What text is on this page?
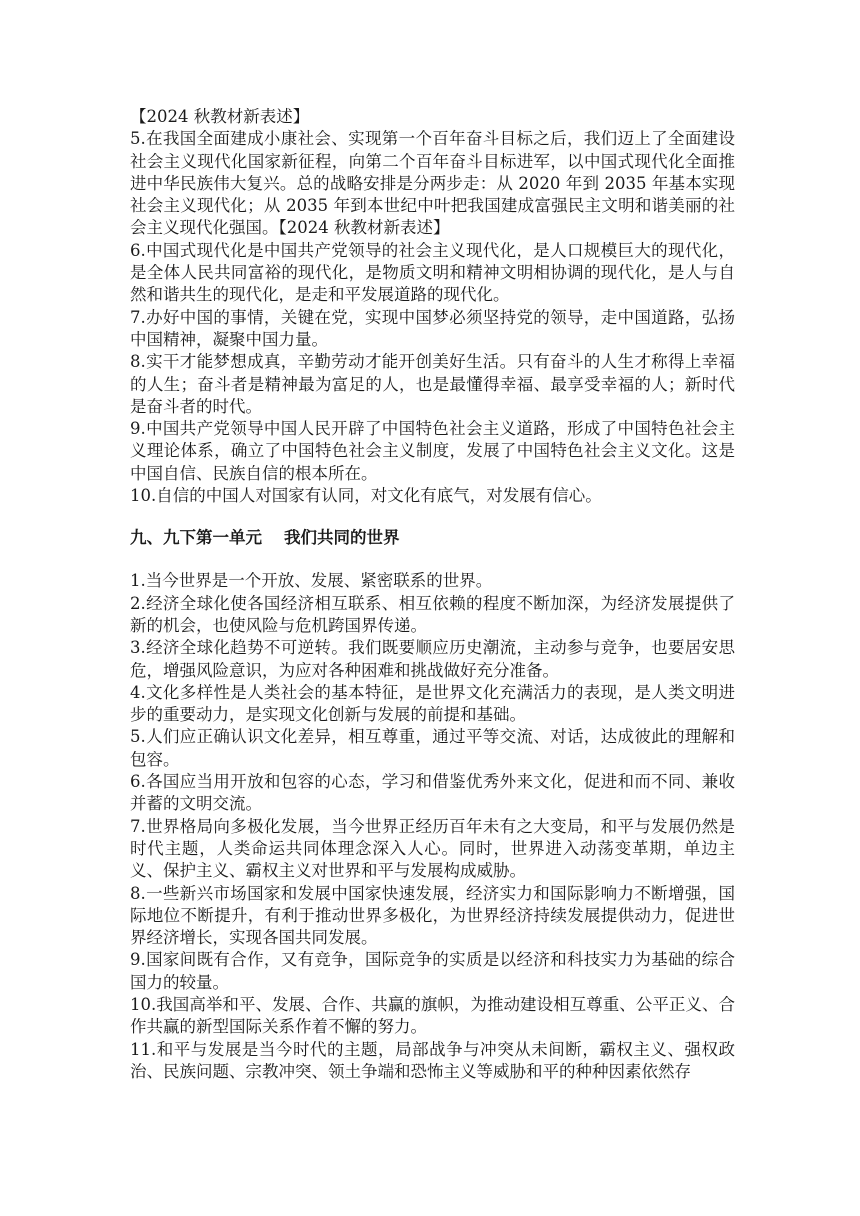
【2024 秋教材新表述】

5.在我国全面建成小康社会、实现第一个百年奋斗目标之后，我们迈上了全面建设社会主义现代化国家新征程，向第二个百年奋斗目标进军，以中国式现代化全面推进中华民族伟大复兴。总的战略安排是分两步走：从 2020 年到 2035 年基本实现社会主义现代化；从 2035 年到本世纪中叶把我国建成富强民主文明和谐美丽的社会主义现代化强国。【2024 秋教材新表述】

6.中国式现代化是中国共产党领导的社会主义现代化，是人口规模巨大的现代化，是全体人民共同富裕的现代化，是物质文明和精神文明相协调的现代化，是人与自然和谐共生的现代化，是走和平发展道路的现代化。

7.办好中国的事情，关键在党，实现中国梦必须坚持党的领导，走中国道路，弘扬中国精神，凝聚中国力量。

8.实干才能梦想成真，辛勤劳动才能开创美好生活。只有奋斗的人生才称得上幸福的人生；奋斗者是精神最为富足的人，也是最懂得幸福、最享受幸福的人；新时代是奋斗者的时代。

9.中国共产党领导中国人民开辟了中国特色社会主义道路，形成了中国特色社会主义理论体系，确立了中国特色社会主义制度，发展了中国特色社会主义文化。这是中国自信、民族自信的根本所在。

10.自信的中国人对国家有认同，对文化有底气，对发展有信心。

九、九下第一单元 我们共同的世界

1.当今世界是一个开放、发展、紧密联系的世界。

2.经济全球化使各国经济相互联系、相互依赖的程度不断加深，为经济发展提供了新的机会，也使风险与危机跨国界传递。

3.经济全球化趋势不可逆转。我们既要顺应历史潮流，主动参与竞争，也要居安思危，增强风险意识，为应对各种困难和挑战做好充分准备。

4.文化多样性是人类社会的基本特征，是世界文化充满活力的表现，是人类文明进步的重要动力，是实现文化创新与发展的前提和基础。

5.人们应正确认识文化差异，相互尊重，通过平等交流、对话，达成彼此的理解和包容。

6.各国应当用开放和包容的心态，学习和借鉴优秀外来文化，促进和而不同、兼收并蓄的文明交流。

7.世界格局向多极化发展，当今世界正经历百年未有之大变局，和平与发展仍然是时代主题，人类命运共同体理念深入人心。同时，世界进入动荡变革期，单边主义、保护主义、霸权主义对世界和平与发展构成威胁。

8.一些新兴市场国家和发展中国家快速发展，经济实力和国际影响力不断增强，国际地位不断提升，有利于推动世界多极化，为世界经济持续发展提供动力，促进世界经济增长，实现各国共同发展。

9.国家间既有合作，又有竞争，国际竞争的实质是以经济和科技实力为基础的综合国力的较量。

10.我国高举和平、发展、合作、共赢的旗帜，为推动建设相互尊重、公平正义、合作共赢的新型国际关系作着不懈的努力。

11.和平与发展是当今时代的主题，局部战争与冲突从未间断，霸权主义、强权政治、民族问题、宗教冲突、领土争端和恐怖主义等威胁和平的种种因素依然存
